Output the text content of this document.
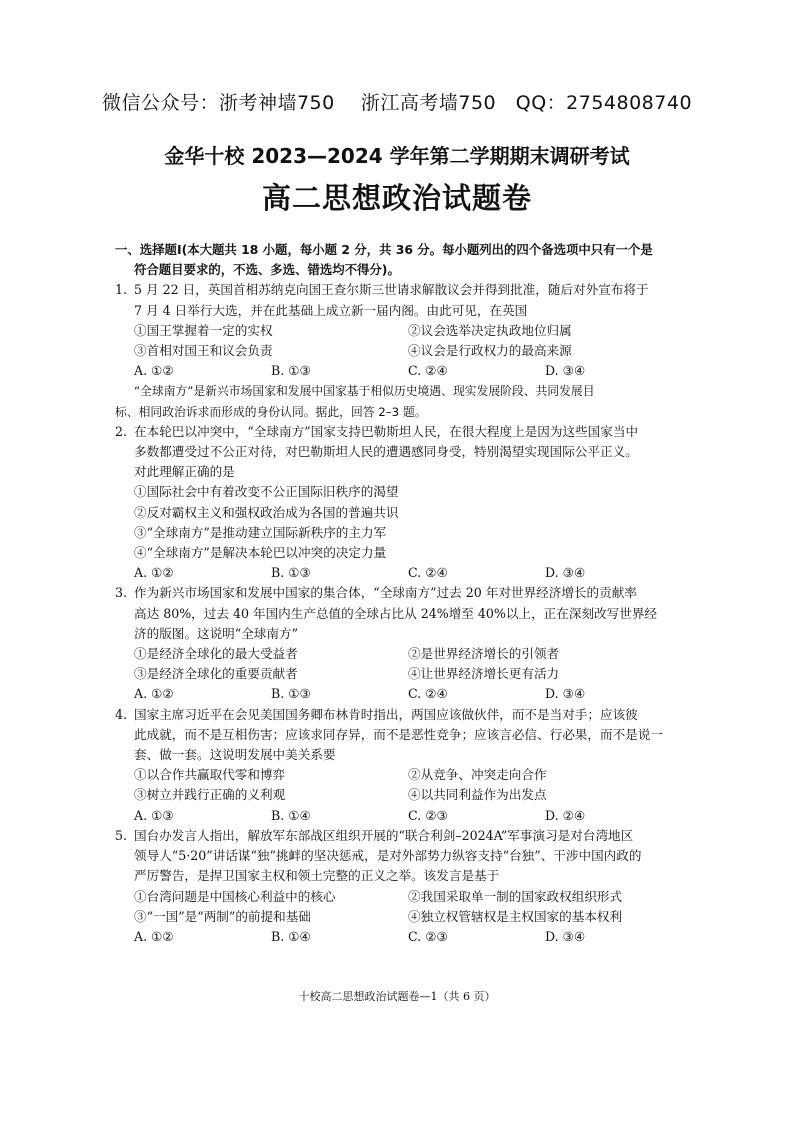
微信公众号：浙考神墙750    浙江高考墙750   QQ：2754808740
金华十校 2023—2024 学年第二学期期末调研考试
高二思想政治试题卷
一、选择题Ⅰ(本大题共 18 小题，每小题 2 分，共 36 分。每小题列出的四个备选项中只有一个是
符合题目要求的，不选、多选、错选均不得分)。
1. 5 月 22 日，英国首相苏纳克向国王查尔斯三世请求解散议会并得到批准，随后对外宣布将于
7 月 4 日举行大选，并在此基础上成立新一届内阁。由此可见，在英国
①国王掌握着一定的实权	②议会选举决定执政地位归属
③首相对国王和议会负责	④议会是行政权力的最高来源
A. ①②	B. ①③	C. ②④	D. ③④
“全球南方”是新兴市场国家和发展中国家基于相似历史境遇、现实发展阶段、共同发展目
标、相同政治诉求而形成的身份认同。据此，回答 2–3 题。
2. 在本轮巴以冲突中，“全球南方”国家支持巴勒斯坦人民，在很大程度上是因为这些国家当中
多数都遭受过不公正对待，对巴勒斯坦人民的遭遇感同身受，特别渴望实现国际公平正义。
对此理解正确的是
①国际社会中有着改变不公正国际旧秩序的渴望
②反对霸权主义和强权政治成为各国的普遍共识
③“全球南方”是推动建立国际新秩序的主力军
④“全球南方”是解决本轮巴以冲突的决定力量
A. ①②	B. ①③	C. ②④	D. ③④
3. 作为新兴市场国家和发展中国家的集合体，“全球南方”过去 20 年对世界经济增长的贡献率
高达 80%，过去 40 年国内生产总值的全球占比从 24%增至 40%以上，正在深刻改写世界经
济的版图。这说明“全球南方”
①是经济全球化的最大受益者	②是世界经济增长的引领者
③是经济全球化的重要贡献者	④让世界经济增长更有活力
A. ①②	B. ①③	C. ②④	D. ③④
4. 国家主席习近平在会见美国国务卿布林肯时指出，两国应该做伙伴，而不是当对手；应该彼
此成就，而不是互相伤害；应该求同存异，而不是恶性竞争；应该言必信、行必果，而不是说一
套、做一套。这说明发展中美关系要
①以合作共赢取代零和博弈	②从竞争、冲突走向合作
③树立并践行正确的义利观	④以共同利益作为出发点
A. ①③	B. ①④	C. ②③	D. ②④
5. 国台办发言人指出，解放军东部战区组织开展的“联合利剑–2024A”军事演习是对台湾地区
领导人“5·20”讲话谋“独”挑衅的坚决惩戒，是对外部势力纵容支持“台独”、干涉中国内政的
严厉警告，是捍卫国家主权和领土完整的正义之举。该发言是基于
①台湾问题是中国核心利益中的核心	②我国采取单一制的国家政权组织形式
③“一国”是“两制”的前提和基础	④独立权管辖权是主权国家的基本权利
A. ①②	B. ①④	C. ②③	D. ③④
十校高二思想政治试题卷—1（共 6 页）
